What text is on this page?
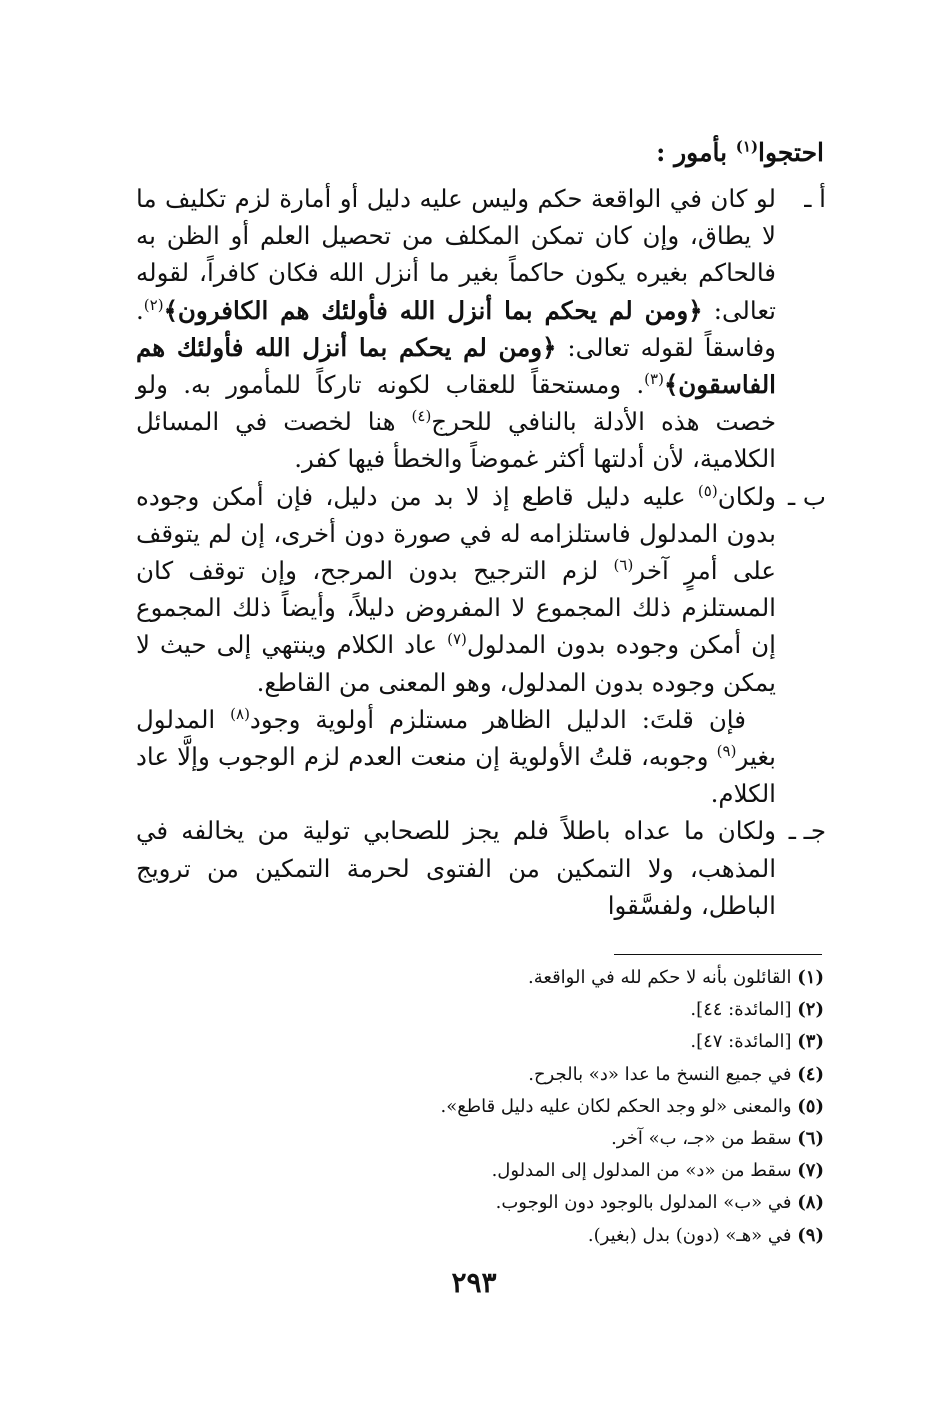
احتجوا$^{(١)}$ بأمور :
أ ـ
لو كان في الواقعة حكم وليس عليه دليل أو أمارة لزم تكليف ما لا يطاق، وإن كان تمكن المكلف من تحصيل العلم أو الظن به فالحاكم بغيره يكون حاكماً بغير ما أنزل الله فكان كافراً، لقوله تعالى: ﴿ومن لم يحكم بما أنزل الله فأولئك هم الكافرون﴾$^{(٢)}$. وفاسقاً لقوله تعالى: ﴿ومن لم يحكم بما أنزل الله فأولئك هم الفاسقون﴾$^{(٣)}$. ومستحقاً للعقاب لكونه تاركاً للمأمور به. ولو خصت هذه الأدلة بالنافي للحرج$^{(٤)}$ هنا لخصت في المسائل الكلامية، لأن أدلتها أكثر غموضاً والخطأ فيها كفر.
ب ـ
ولكان$^{(٥)}$ عليه دليل قاطع إذ لا بد من دليل، فإن أمكن وجوده بدون المدلول فاستلزامه له في صورة دون أخرى، إن لم يتوقف على أمرٍ آخر$^{(٦)}$ لزم الترجيح بدون المرجح، وإن توقف كان المستلزم ذلك المجموع لا المفروض دليلاً، وأيضاً ذلك المجموع إن أمكن وجوده بدون المدلول$^{(٧)}$ عاد الكلام وينتهي إلى حيث لا يمكن وجوده بدون المدلول، وهو المعنى من القاطع.
فإن قلتَ: الدليل الظاهر مستلزم أولوية وجود$^{(٨)}$ المدلول بغير$^{(٩)}$ وجوبه، قلتُ الأولوية إن منعت العدم لزم الوجوب وإلَّا عاد الكلام.
جـ ـ
ولكان ما عداه باطلاً فلم يجز للصحابي تولية من يخالفه في المذهب، ولا التمكين من الفتوى لحرمة التمكين من ترويج الباطل، ولفسَّقوا
(١) القائلون بأنه لا حكم لله في الواقعة.
(٢) [المائدة: ٤٤].
(٣) [المائدة: ٤٧].
(٤) في جميع النسخ ما عدا «د» بالجرح.
(٥) والمعنى «لو وجد الحكم لكان عليه دليل قاطع».
(٦) سقط من «جـ، ب» آخر.
(٧) سقط من «د» من المدلول إلى المدلول.
(٨) في «ب» المدلول بالوجود دون الوجوب.
(٩) في «هـ» (دون) بدل (بغير).
٢٩٣
